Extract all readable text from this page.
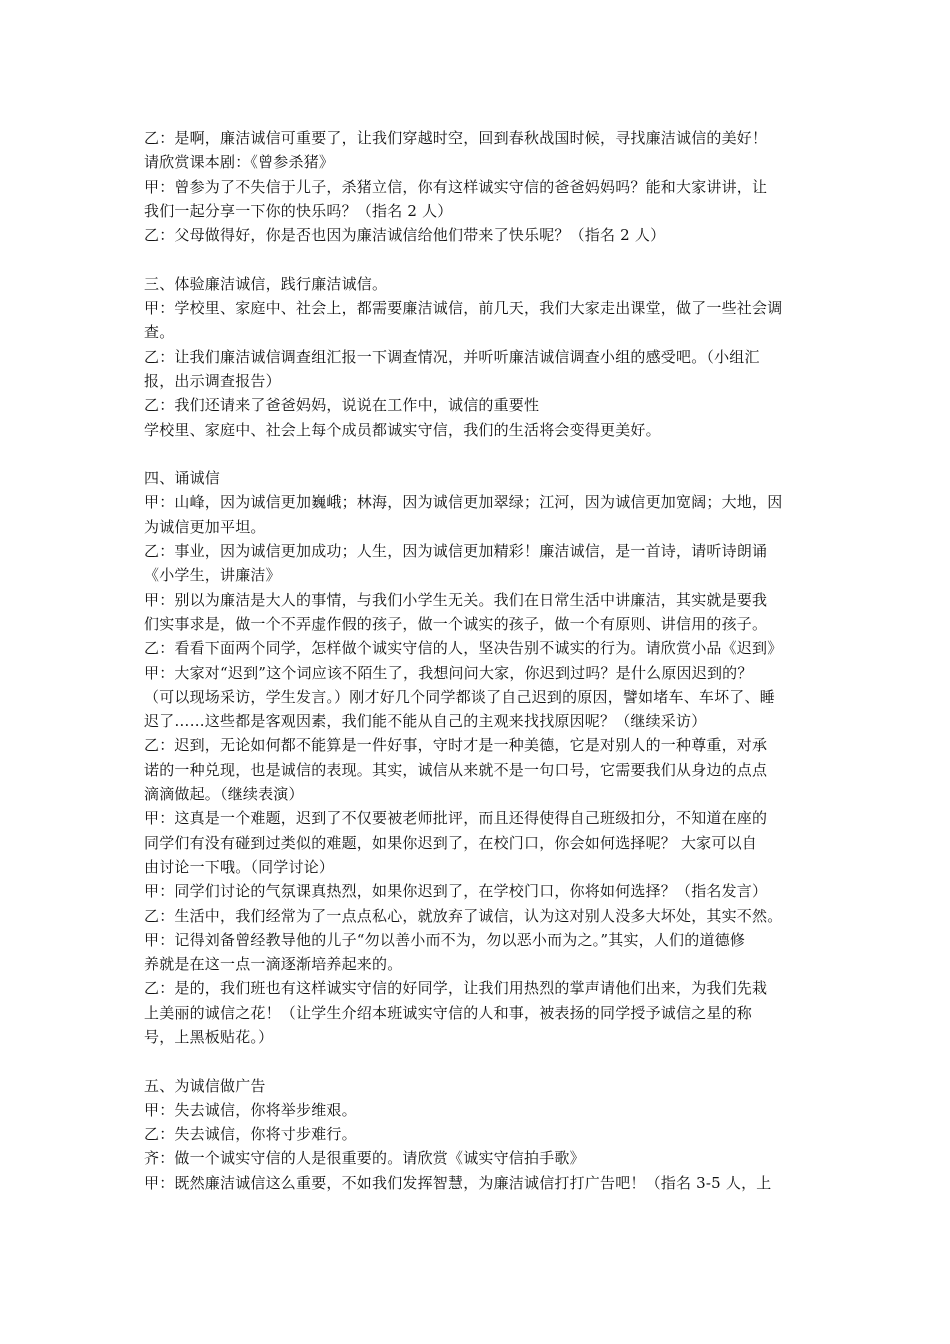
乙：是啊，廉洁诚信可重要了，让我们穿越时空，回到春秋战国时候，寻找廉洁诚信的美好！
请欣赏课本剧：《曾参杀猪》
甲：曾参为了不失信于儿子，杀猪立信，你有这样诚实守信的爸爸妈妈吗？能和大家讲讲，让
我们一起分享一下你的快乐吗？（指名 2 人）
乙：父母做得好，你是否也因为廉洁诚信给他们带来了快乐呢？（指名 2 人）
三、体验廉洁诚信，践行廉洁诚信。
甲：学校里、家庭中、社会上，都需要廉洁诚信，前几天，我们大家走出课堂，做了一些社会调
查。
乙：让我们廉洁诚信调查组汇报一下调查情况，并听听廉洁诚信调查小组的感受吧。（小组汇
报，出示调查报告）
乙：我们还请来了爸爸妈妈，说说在工作中，诚信的重要性
学校里、家庭中、社会上每个成员都诚实守信，我们的生活将会变得更美好。
四、诵诚信
甲：山峰，因为诚信更加巍峨；林海，因为诚信更加翠绿；江河，因为诚信更加宽阔；大地，因
为诚信更加平坦。
乙：事业，因为诚信更加成功；人生，因为诚信更加精彩！廉洁诚信，是一首诗，请听诗朗诵
《小学生，讲廉洁》
甲：别以为廉洁是大人的事情，与我们小学生无关。我们在日常生活中讲廉洁，其实就是要我
们实事求是，做一个不弄虚作假的孩子，做一个诚实的孩子，做一个有原则、讲信用的孩子。
乙：看看下面两个同学，怎样做个诚实守信的人，坚决告别不诚实的行为。请欣赏小品《迟到》
甲：大家对“迟到”这个词应该不陌生了，我想问问大家，你迟到过吗？是什么原因迟到的？
（可以现场采访，学生发言。）刚才好几个同学都谈了自己迟到的原因，譬如堵车、车坏了、睡
迟了……这些都是客观因素，我们能不能从自己的主观来找找原因呢？（继续采访）
乙：迟到，无论如何都不能算是一件好事，守时才是一种美德，它是对别人的一种尊重，对承
诺的一种兑现，也是诚信的表现。其实，诚信从来就不是一句口号，它需要我们从身边的点点
滴滴做起。（继续表演）
甲：这真是一个难题，迟到了不仅要被老师批评，而且还得使得自己班级扣分，不知道在座的
同学们有没有碰到过类似的难题，如果你迟到了，在校门口，你会如何选择呢？ 大家可以自
由讨论一下哦。（同学讨论）
甲：同学们讨论的气氛课真热烈，如果你迟到了，在学校门口，你将如何选择？（指名发言）
乙：生活中，我们经常为了一点点私心，就放弃了诚信，认为这对别人没多大坏处，其实不然。
甲：记得刘备曾经教导他的儿子“勿以善小而不为，勿以恶小而为之。”其实，人们的道德修
养就是在这一点一滴逐渐培养起来的。
乙：是的，我们班也有这样诚实守信的好同学，让我们用热烈的掌声请他们出来，为我们先栽
上美丽的诚信之花！（让学生介绍本班诚实守信的人和事，被表扬的同学授予诚信之星的称
号，上黑板贴花。）
五、为诚信做广告
甲：失去诚信，你将举步维艰。
乙：失去诚信，你将寸步难行。
齐：做一个诚实守信的人是很重要的。请欣赏《诚实守信拍手歌》
甲：既然廉洁诚信这么重要，不如我们发挥智慧，为廉洁诚信打打广告吧！（指名 3-5 人，上
